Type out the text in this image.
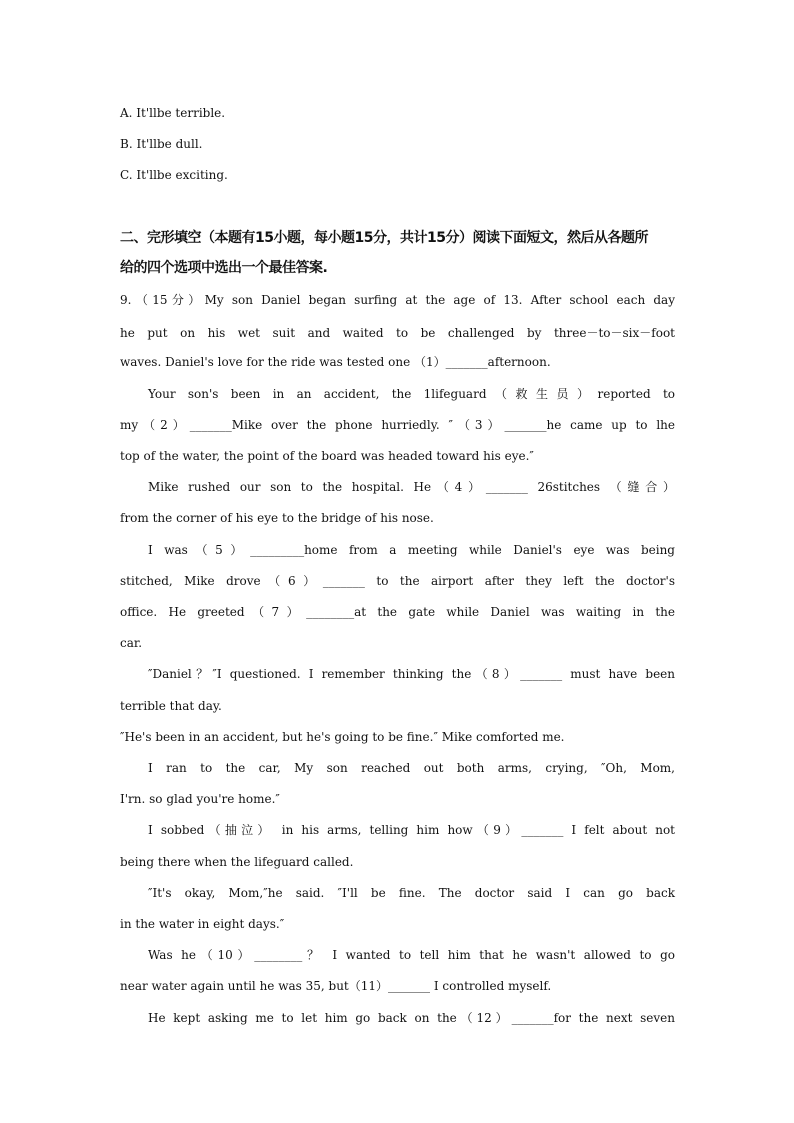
A. It'llbe terrible.
B. It'llbe dull.
C. It'llbe exciting.
二、完形填空（本题有15小题，每小题15分，共计15分）阅读下面短文，然后从各题所
给的四个选项中选出一个最佳答案.
9.（15分）My son Daniel began surfing at the age of 13. After school each day
he put on his wet suit and waited to be challenged by three－to－six－foot
waves. Daniel's love for the ride was tested one （1）_______afternoon.
Your son's been in an accident, the 1lifeguard（救生员）reported to
my（2）_______Mike over the phone hurriedly. ″（3）_______he came up to lhe
top of the water, the point of the board was headed toward his eye.″
Mike rushed our son to the hospital. He（4）_______ 26stitches （缝合）
from the corner of his eye to the bridge of his nose.
I was（5）_________home from a meeting while Daniel's eye was being
stitched, Mike drove（6）_______ to the airport after they left the doctor's
office. He greeted（7）________at the gate while Daniel was waiting in the
car.
″Daniel？″I questioned. I remember thinking the（8）_______ must have been
terrible that day.
″He's been in an accident, but he's going to be fine.″ Mike comforted me.
I ran to the car, My son reached out both arms, crying, ″Oh, Mom,
I'rn. so glad you're home.″
I sobbed（抽泣） in his arms, telling him how（9）_______ I felt about not
being there when the lifeguard called.
″It's okay, Mom,″he said. ″I'll be fine. The doctor said I can go back
in the water in eight days.″
Was he（10）________？ I wanted to tell him that he wasn't allowed to go
near water again until he was 35, but（11）_______ I controlled myself.
He kept asking me to let him go back on the（12）_______for the next seven
